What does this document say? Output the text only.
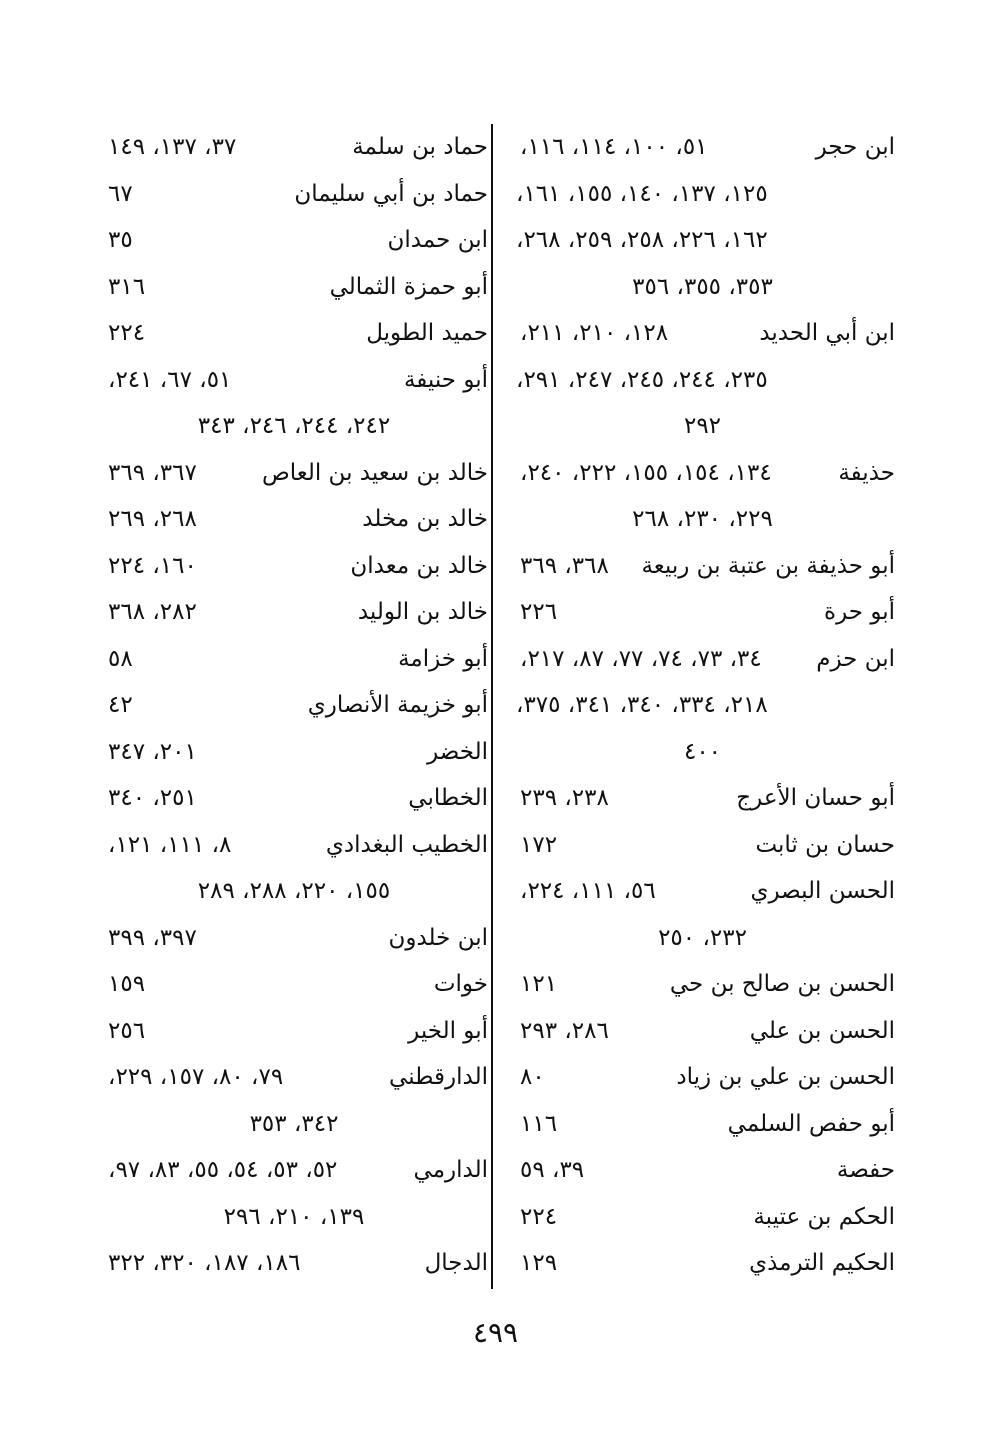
ابن حجر
٥١، ١٠٠، ١١٤، ١١٦،
١٢٥، ١٣٧، ١٤٠، ١٥٥، ١٦١،
١٦٢، ٢٢٦، ٢٥٨، ٢٥٩، ٢٦٨،
٣٥٣، ٣٥٥، ٣٥٦
ابن أبي الحديد
١٢٨، ٢١٠، ٢١١،
٢٣٥، ٢٤٤، ٢٤٥، ٢٤٧، ٢٩١،
٢٩٢
حذيفة
١٣٤، ١٥٤، ١٥٥، ٢٢٢، ٢٤٠،
٢٢٩، ٢٣٠، ٢٦٨
أبو حذيفة بن عتبة بن ربيعة
٣٦٨، ٣٦٩
أبو حرة
٢٢٦
ابن حزم
٣٤، ٧٣، ٧٤، ٧٧، ٨٧، ٢١٧،
٢١٨، ٣٣٤، ٣٤٠، ٣٤١، ٣٧٥،
٤٠٠
أبو حسان الأعرج
٢٣٨، ٢٣٩
حسان بن ثابت
١٧٢
الحسن البصري
٥٦، ١١١، ٢٢٤،
٢٣٢، ٢٥٠
الحسن بن صالح بن حي
١٢١
الحسن بن علي
٢٨٦، ٢٩٣
الحسن بن علي بن زياد
٨٠
أبو حفص السلمي
١١٦
حفصة
٣٩، ٥٩
الحكم بن عتيبة
٢٢٤
الحكيم الترمذي
١٢٩
حماد بن سلمة
٣٧، ١٣٧، ١٤٩
حماد بن أبي سليمان
٦٧
ابن حمدان
٣٥
أبو حمزة الثمالي
٣١٦
حميد الطويل
٢٢٤
أبو حنيفة
٥١، ٦٧، ٢٤١،
٢٤٢، ٢٤٤، ٢٤٦، ٣٤٣
خالد بن سعيد بن العاص
٣٦٧، ٣٦٩
خالد بن مخلد
٢٦٨، ٢٦٩
خالد بن معدان
١٦٠، ٢٢٤
خالد بن الوليد
٢٨٢، ٣٦٨
أبو خزامة
٥٨
أبو خزيمة الأنصاري
٤٢
الخضر
٢٠١، ٣٤٧
الخطابي
٢٥١، ٣٤٠
الخطيب البغدادي
٨، ١١١، ١٢١،
١٥٥، ٢٢٠، ٢٨٨، ٢٨٩
ابن خلدون
٣٩٧، ٣٩٩
خوات
١٥٩
أبو الخير
٢٥٦
الدارقطني
٧٩، ٨٠، ١٥٧، ٢٢٩،
٣٤٢، ٣٥٣
الدارمي
٥٢، ٥٣، ٥٤، ٥٥، ٨٣، ٩٧،
١٣٩، ٢١٠، ٢٩٦
الدجال
١٨٦، ١٨٧، ٣٢٠، ٣٢٢
٤٩٩
